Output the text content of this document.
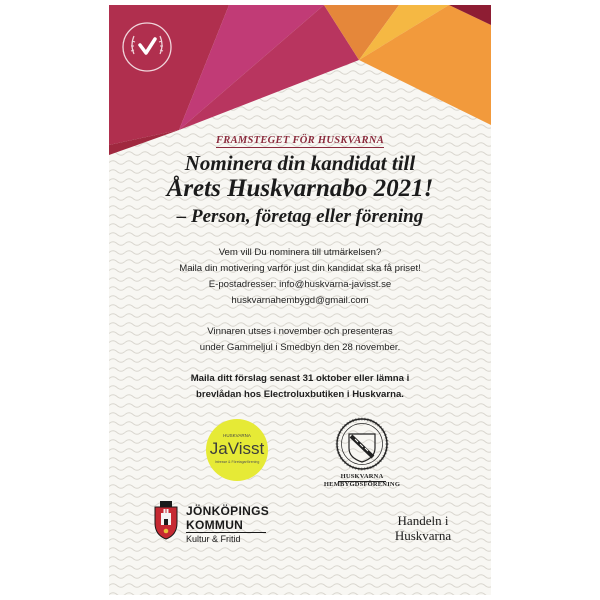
FRAMSTEGET FÖR HUSKVARNA
Nominera din kandidat till
Årets Huskvarnabo 2021!
– Person, företag eller förening
Vem vill Du nominera till utmärkelsen?
Maila din motivering varför just din kandidat ska få priset!
E-postadresser: info@huskvarna-javisst.se
huskvarnahembygd@gmail.com
Vinnaren utses i november och presenteras
under Gammeljul i Smedbyn den 28 november.
Maila ditt förslag senast 31 oktober eller lämna i
brevlådan hos Electroluxbutiken i Huskvarna.
HUSKVARNA
JaVisst
Intresse & Företagarförening
HUSKVARNA
HEMBYGDSFÖRENING
JÖNKÖPINGS
KOMMUN
Kultur & Fritid
Handeln i
Huskvarna
